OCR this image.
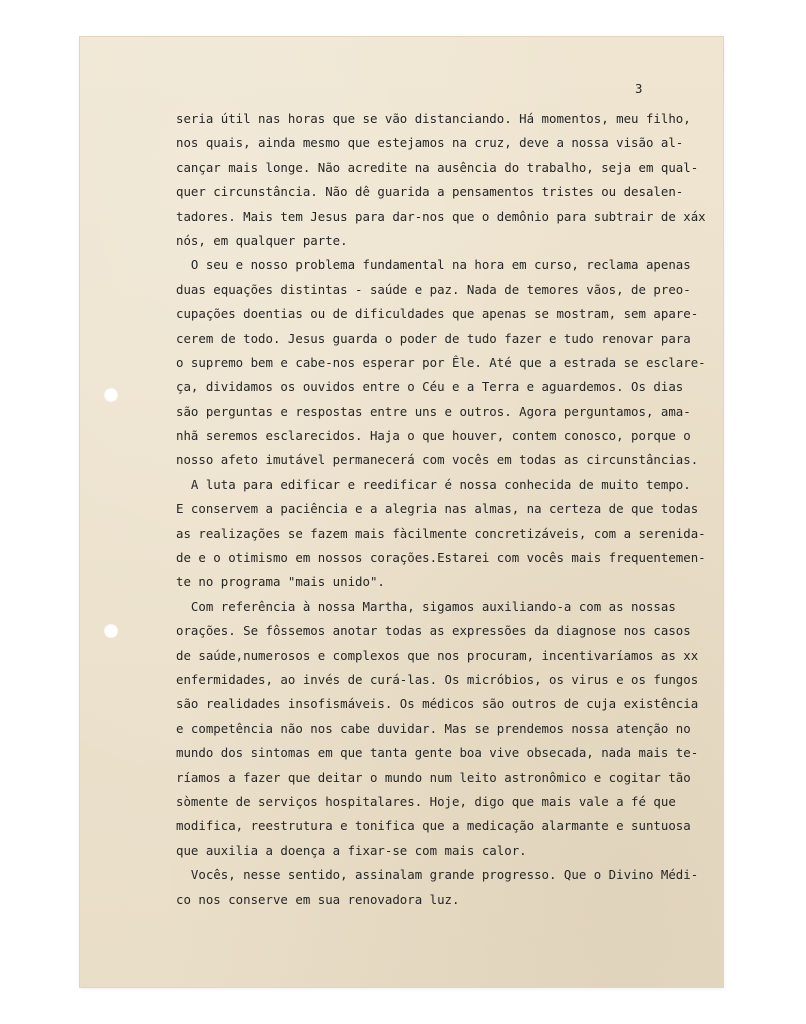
3
seria útil nas horas que se vão distanciando. Há momentos, meu filho,
nos quais, ainda mesmo que estejamos na cruz, deve a nossa visão al-
cançar mais longe. Não acredite na ausência do trabalho, seja em qual-
quer circunstância. Não dê guarida a pensamentos tristes ou desalen-
tadores. Mais tem Jesus para dar-nos que o demônio para subtrair de xáx
nós, em qualquer parte.
O seu e nosso problema fundamental na hora em curso, reclama apenas
duas equações distintas - saúde e paz. Nada de temores vãos, de preo-
cupações doentias ou de dificuldades que apenas se mostram, sem apare-
cerem de todo. Jesus guarda o poder de tudo fazer e tudo renovar para
o supremo bem e cabe-nos esperar por Êle. Até que a estrada se esclare-
ça, dividamos os ouvidos entre o Céu e a Terra e aguardemos. Os dias
são perguntas e respostas entre uns e outros. Agora perguntamos, ama-
nhã seremos esclarecidos. Haja o que houver, contem conosco, porque o
nosso afeto imutável permanecerá com vocês em todas as circunstâncias.
A luta para edificar e reedificar é nossa conhecida de muito tempo.
E conservem a paciência e a alegria nas almas, na certeza de que todas
as realizações se fazem mais fàcilmente concretizáveis, com a serenida-
de e o otimismo em nossos corações.Estarei com vocês mais frequentemen-
te no programa "mais unido".
Com referência à nossa Martha, sigamos auxiliando-a com as nossas
orações. Se fôssemos anotar todas as expressões da diagnose nos casos
de saúde,numerosos e complexos que nos procuram, incentivaríamos as xx
enfermidades, ao invés de curá-las. Os micróbios, os virus e os fungos
são realidades insofismáveis. Os médicos são outros de cuja existência
e competência não nos cabe duvidar. Mas se prendemos nossa atenção no
mundo dos sintomas em que tanta gente boa vive obsecada, nada mais te-
ríamos a fazer que deitar o mundo num leito astronômico e cogitar tão
sòmente de serviços hospitalares. Hoje, digo que mais vale a fé que
modifica, reestrutura e tonifica que a medicação alarmante e suntuosa
que auxilia a doença a fixar-se com mais calor.
Vocês, nesse sentido, assinalam grande progresso. Que o Divino Médi-
co nos conserve em sua renovadora luz.
